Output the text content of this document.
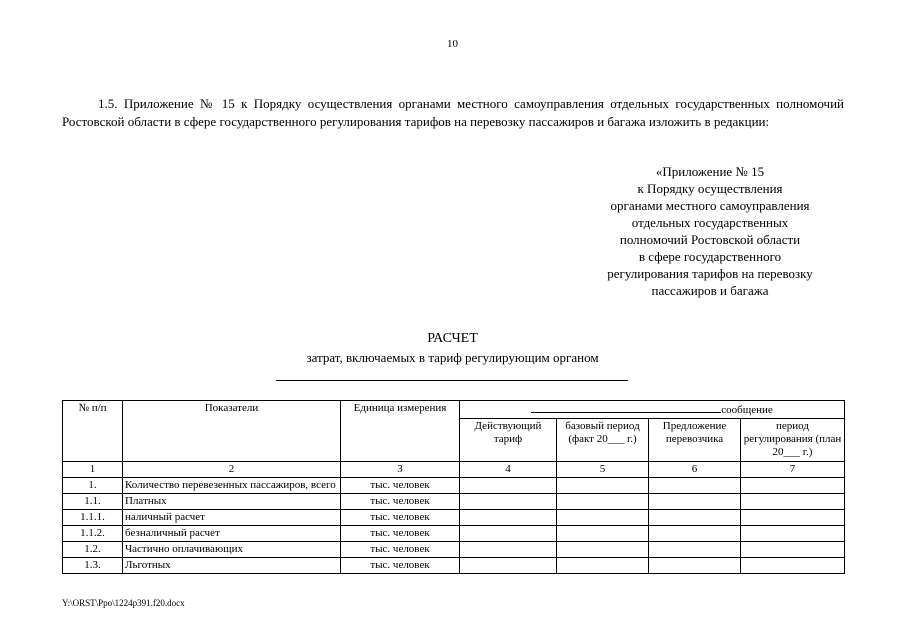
10

1.5. Приложение № 15 к Порядку осуществления органами местного самоуправления отдельных государственных полномочий Ростовской области в сфере государственного регулирования тарифов на перевозку пассажиров и багажа изложить в редакции:

«Приложение № 15
к Порядку осуществления
органами местного самоуправления
отдельных государственных
полномочий Ростовской области
в сфере государственного
регулирования тарифов на перевозку
пассажиров и багажа
РАСЧЕТ
затрат, включаемых в тариф регулирующим органом
№ п/п	Показатели	Единица измерения	сообщение			
			Действующий тариф	базовый период (факт 20___ г.)	Предложение перевозчика	период регулирования (план 20___ г.)
1	2	3	4	5	6	7
1.	Количество перевезенных пассажиров, всего	тыс. человек				
1.1.	Платных	тыс. человек				
1.1.1.	наличный расчет	тыс. человек				
1.1.2.	безналичный расчет	тыс. человек				
1.2.	Частично оплачивающих	тыс. человек				
1.3.	Льготных	тыс. человек				
Y:\ORST\Ppo\1224p391.f20.docx
